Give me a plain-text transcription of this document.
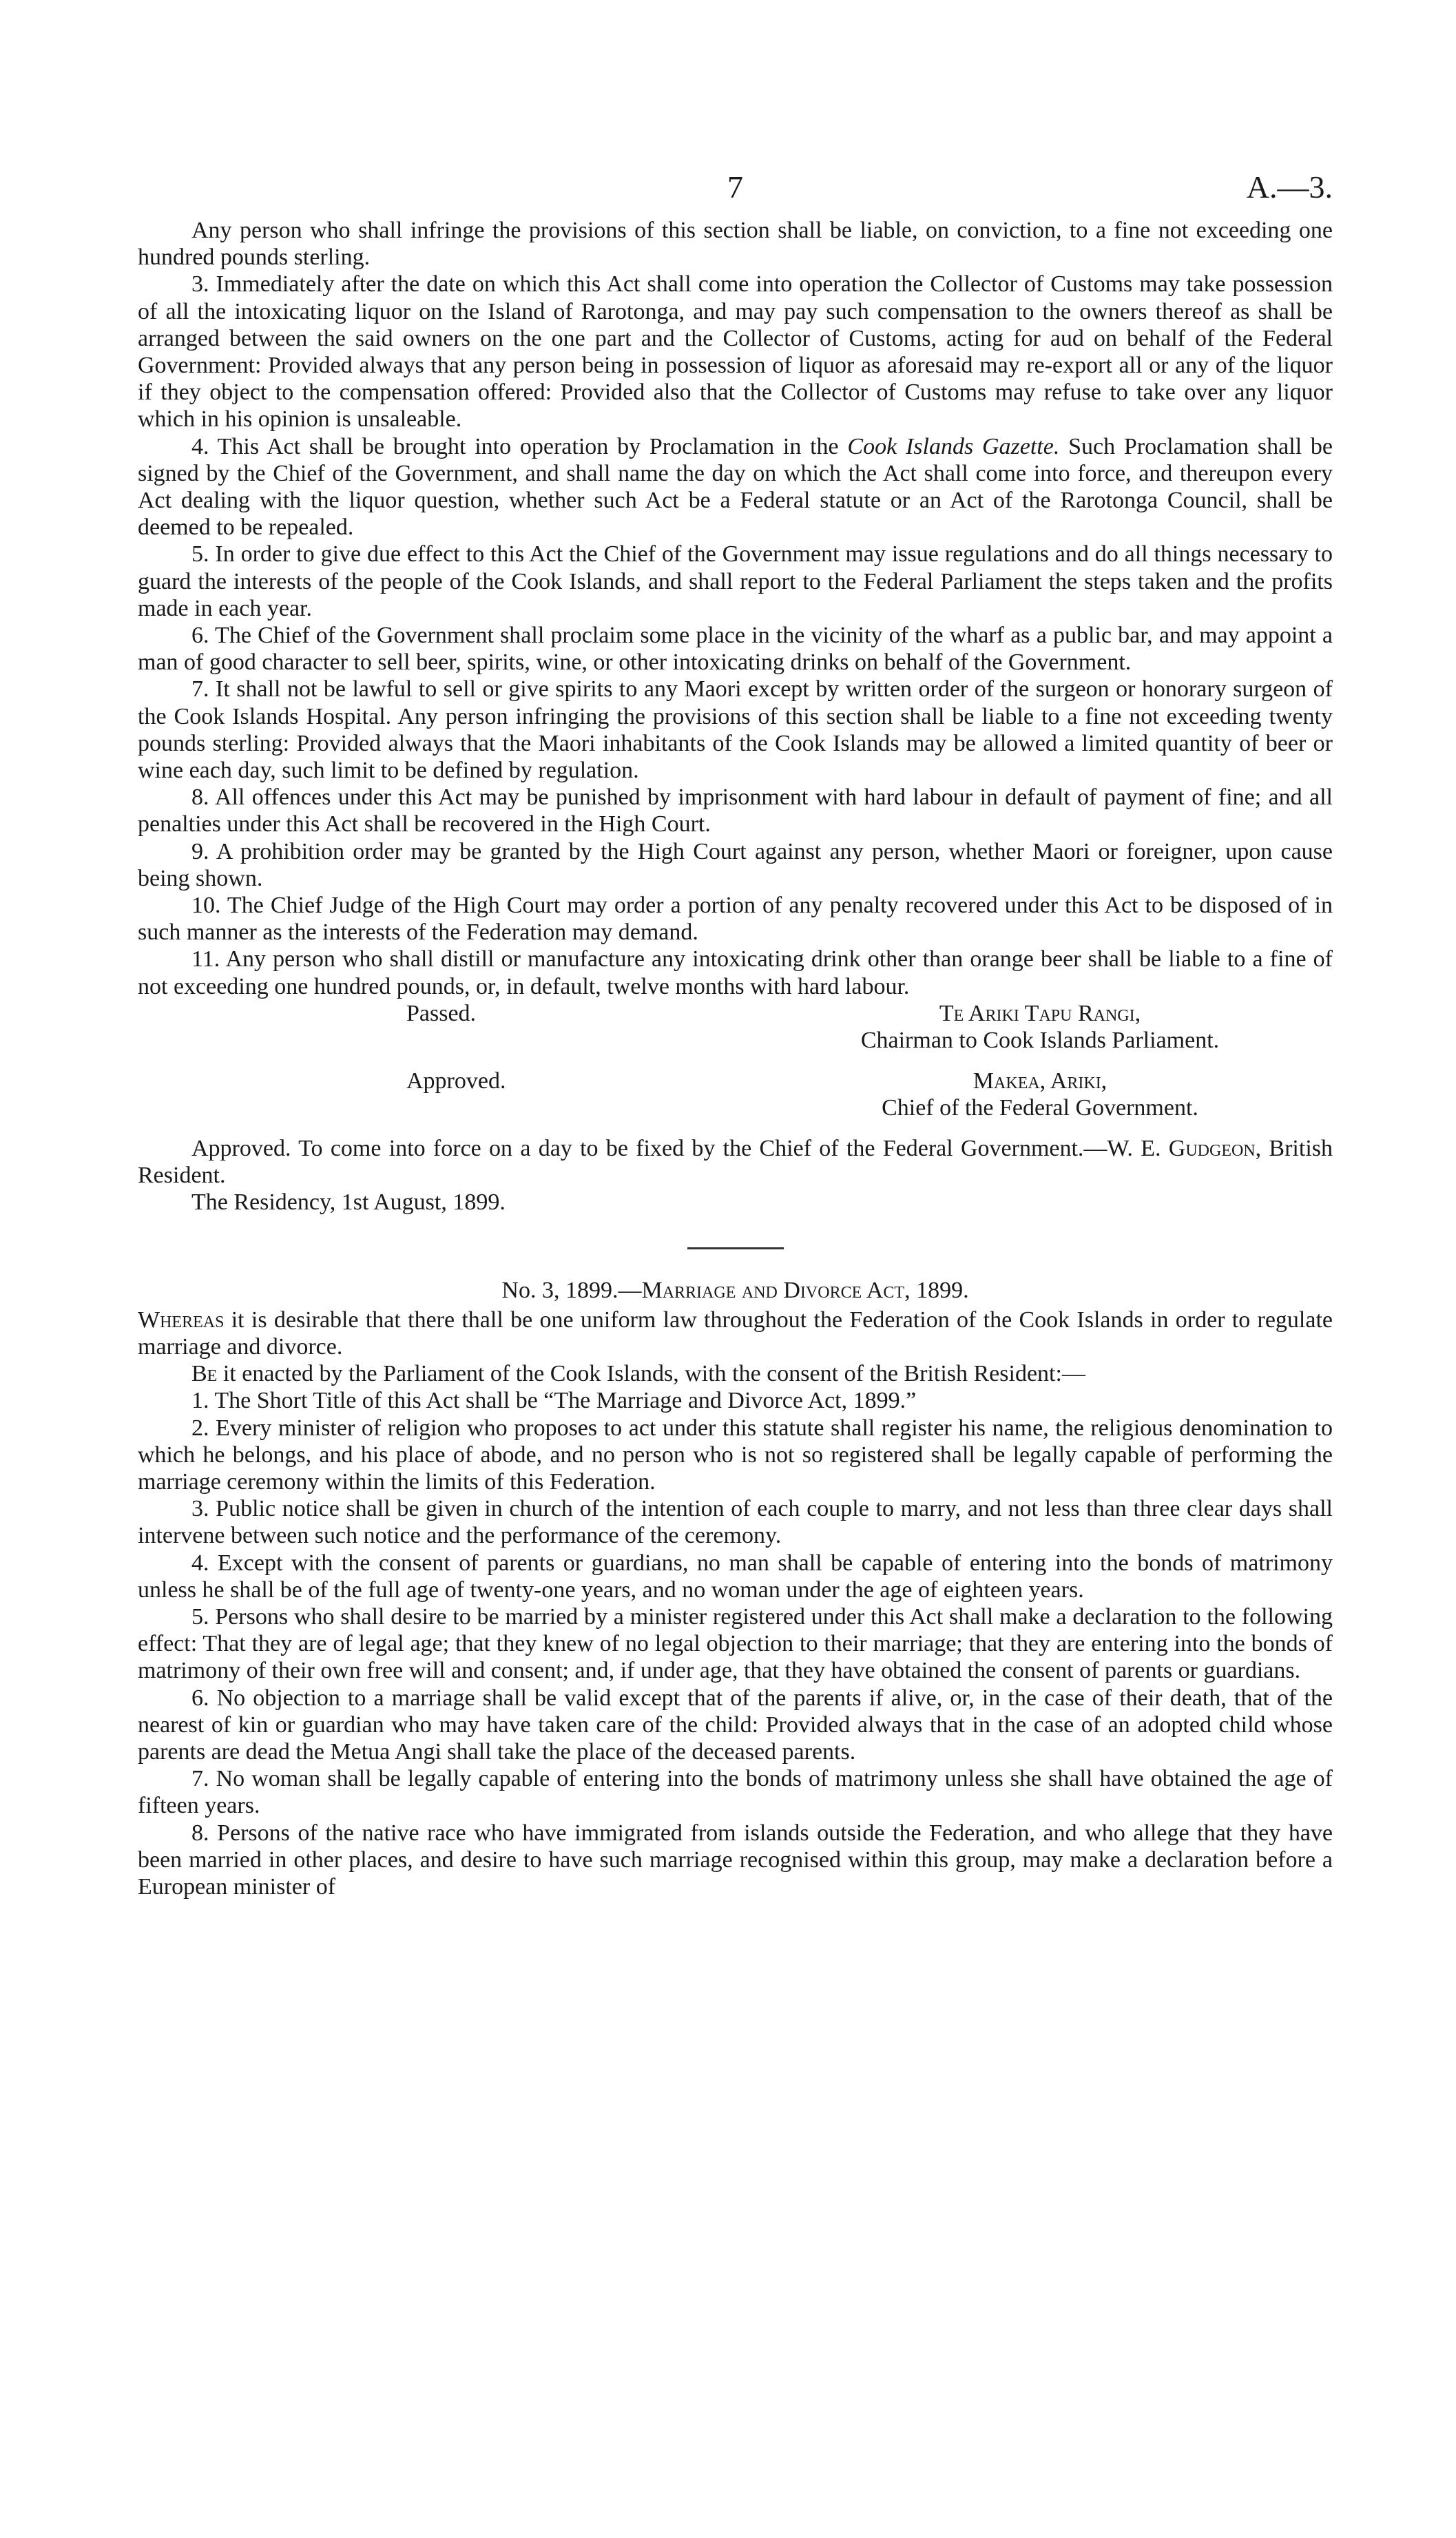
7	A.—3.

Any person who shall infringe the provisions of this section shall be liable, on conviction, to a fine not exceeding one hundred pounds sterling.

3. Immediately after the date on which this Act shall come into operation the Collector of Customs may take possession of all the intoxicating liquor on the Island of Rarotonga, and may pay such compensation to the owners thereof as shall be arranged between the said owners on the one part and the Collector of Customs, acting for aud on behalf of the Federal Government: Provided always that any person being in possession of liquor as aforesaid may re-export all or any of the liquor if they object to the compensation offered: Provided also that the Collector of Customs may refuse to take over any liquor which in his opinion is unsaleable.

4. This Act shall be brought into operation by Proclamation in the Cook Islands Gazette. Such Proclamation shall be signed by the Chief of the Government, and shall name the day on which the Act shall come into force, and thereupon every Act dealing with the liquor question, whether such Act be a Federal statute or an Act of the Rarotonga Council, shall be deemed to be repealed.

5. In order to give due effect to this Act the Chief of the Government may issue regulations and do all things necessary to guard the interests of the people of the Cook Islands, and shall report to the Federal Parliament the steps taken and the profits made in each year.

6. The Chief of the Government shall proclaim some place in the vicinity of the wharf as a public bar, and may appoint a man of good character to sell beer, spirits, wine, or other intoxicating drinks on behalf of the Government.

7. It shall not be lawful to sell or give spirits to any Maori except by written order of the surgeon or honorary surgeon of the Cook Islands Hospital. Any person infringing the provisions of this section shall be liable to a fine not exceeding twenty pounds sterling: Provided always that the Maori inhabitants of the Cook Islands may be allowed a limited quantity of beer or wine each day, such limit to be defined by regulation.

8. All offences under this Act may be punished by imprisonment with hard labour in default of payment of fine; and all penalties under this Act shall be recovered in the High Court.

9. A prohibition order may be granted by the High Court against any person, whether Maori or foreigner, upon cause being shown.

10. The Chief Judge of the High Court may order a portion of any penalty recovered under this Act to be disposed of in such manner as the interests of the Federation may demand.

11. Any person who shall distill or manufacture any intoxicating drink other than orange beer shall be liable to a fine of not exceeding one hundred pounds, or, in default, twelve months with hard labour.

Passed.	Te Ariki Tapu Rangi,
Chairman to Cook Islands Parliament.
Approved.	Makea, Ariki,
Chief of the Federal Government.

Approved. To come into force on a day to be fixed by the Chief of the Federal Government.—W. E. Gudgeon, British Resident.

The Residency, 1st August, 1899.

No. 3, 1899.—Marriage and Divorce Act, 1899.

Whereas it is desirable that there thall be one uniform law throughout the Federation of the Cook Islands in order to regulate marriage and divorce.

Be it enacted by the Parliament of the Cook Islands, with the consent of the British Resident:—

1. The Short Title of this Act shall be “The Marriage and Divorce Act, 1899.”

2. Every minister of religion who proposes to act under this statute shall register his name, the religious denomination to which he belongs, and his place of abode, and no person who is not so registered shall be legally capable of performing the marriage ceremony within the limits of this Federation.

3. Public notice shall be given in church of the intention of each couple to marry, and not less than three clear days shall intervene between such notice and the performance of the ceremony.

4. Except with the consent of parents or guardians, no man shall be capable of entering into the bonds of matrimony unless he shall be of the full age of twenty-one years, and no woman under the age of eighteen years.

5. Persons who shall desire to be married by a minister registered under this Act shall make a declaration to the following effect: That they are of legal age; that they knew of no legal objection to their marriage; that they are entering into the bonds of matrimony of their own free will and consent; and, if under age, that they have obtained the consent of parents or guardians.

6. No objection to a marriage shall be valid except that of the parents if alive, or, in the case of their death, that of the nearest of kin or guardian who may have taken care of the child: Provided always that in the case of an adopted child whose parents are dead the Metua Angi shall take the place of the deceased parents.

7. No woman shall be legally capable of entering into the bonds of matrimony unless she shall have obtained the age of fifteen years.

8. Persons of the native race who have immigrated from islands outside the Federation, and who allege that they have been married in other places, and desire to have such marriage recognised within this group, may make a declaration before a European minister of
